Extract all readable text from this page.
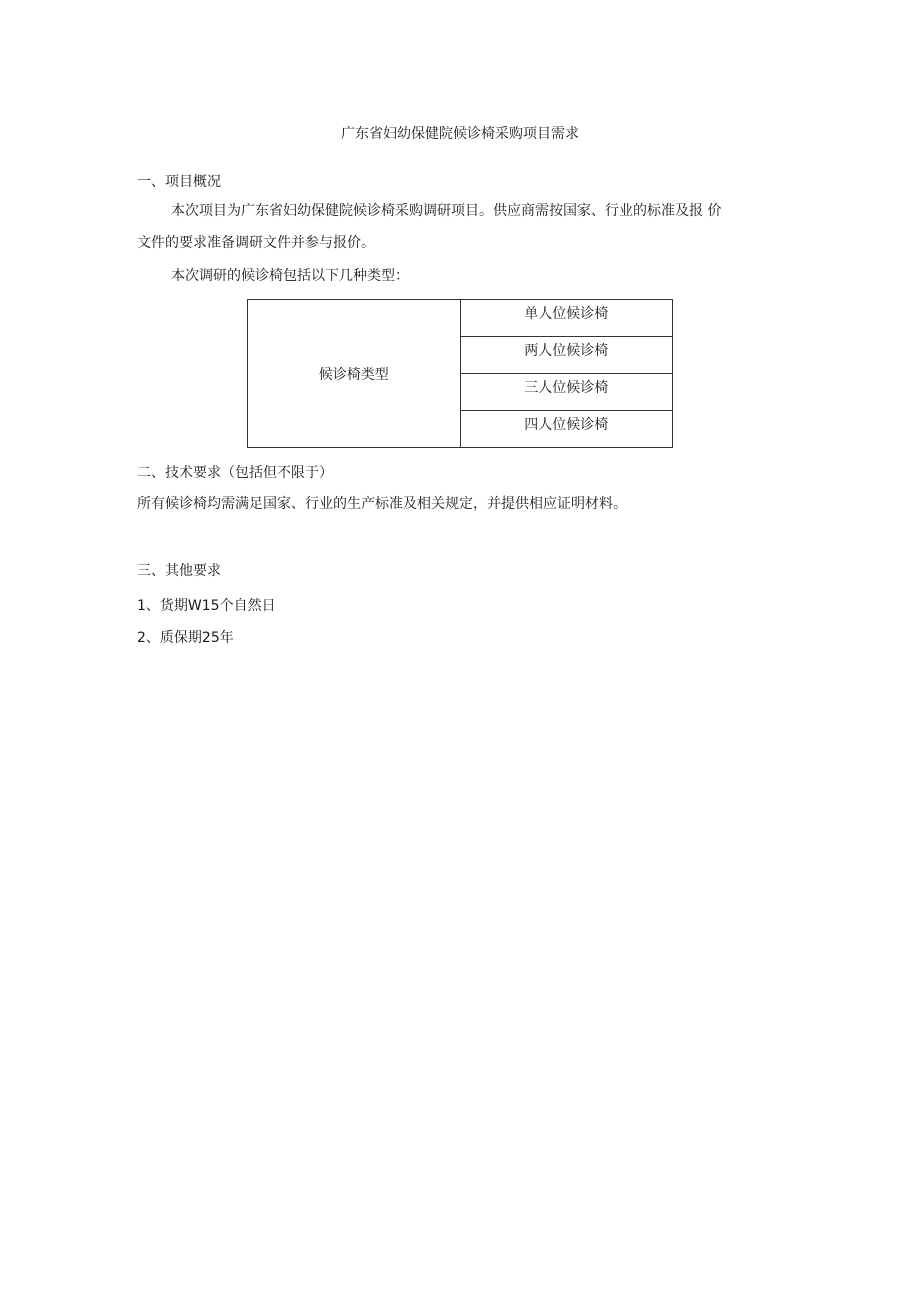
广东省妇幼保健院候诊椅采购项目需求
一、项目概况
本次项目为广东省妇幼保健院候诊椅采购调研项目。供应商需按国家、行业的标准及报 价
文件的要求准备调研文件并参与报价。
本次调研的候诊椅包括以下几种类型：
候诊椅类型	单人位候诊椅
两人位候诊椅
三人位候诊椅
四人位候诊椅
二、技术要求（包括但不限于）
所有候诊椅均需满足国家、行业的生产标准及相关规定，并提供相应证明材料。
三、其他要求
1、货期W15个自然日
2、质保期25年
